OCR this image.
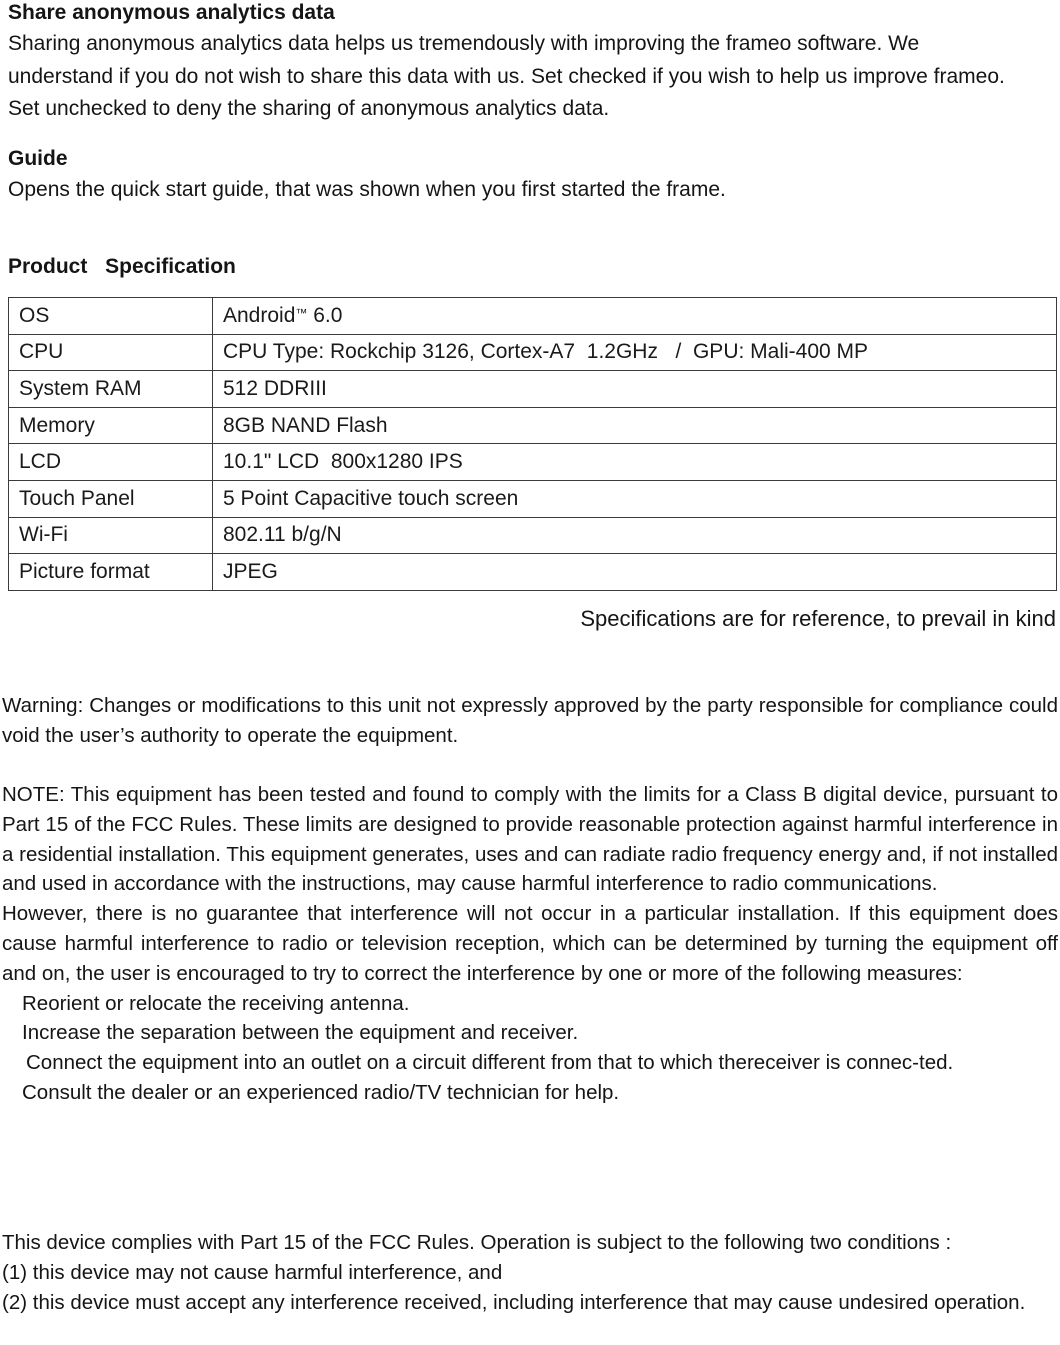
Share anonymous analytics data
Sharing anonymous analytics data helps us tremendously with improving the frameo software. We understand if you do not wish to share this data with us. Set checked if you wish to help us improve frameo. Set unchecked to deny the sharing of anonymous analytics data.
Guide
Opens the quick start guide, that was shown when you first started the frame.
Product Specification
OS	Android™ 6.0
CPU	CPU Type: Rockchip 3126, Cortex-A7  1.2GHz   /  GPU: Mali-400 MP
System RAM	512 DDRIII
Memory	8GB NAND Flash
LCD	10.1" LCD  800x1280 IPS
Touch Panel	5 Point Capacitive touch screen
Wi-Fi	802.11 b/g/N
Picture format	JPEG
Specifications are for reference, to prevail in kind
Warning: Changes or modifications to this unit not expressly approved by the party responsible for compliance could void the user’s authority to operate the equipment.

NOTE: This equipment has been tested and found to comply with the limits for a Class B digital device, pursuant to Part 15 of the FCC Rules. These limits are designed to provide reasonable protection against harmful interference in a residential installation. This equipment generates, uses and can radiate radio frequency energy and, if not installed and used in accordance with the instructions, may cause harmful interference to radio communications.

However, there is no guarantee that interference will not occur in a particular installation. If this equipment does cause harmful interference to radio or television reception, which can be determined by turning the equipment off and on, the user is encouraged to try to correct the interference by one or more of the following measures:

Reorient or relocate the receiving antenna.

Increase the separation between the equipment and receiver.

Connect the equipment into an outlet on a circuit different from that to which thereceiver is connec-ted.

Consult the dealer or an experienced radio/TV technician for help.

This device complies with Part 15 of the FCC Rules. Operation is subject to the following two conditions :

(1) this device may not cause harmful interference, and

(2) this device must accept any interference received, including interference that may cause undesired operation.
